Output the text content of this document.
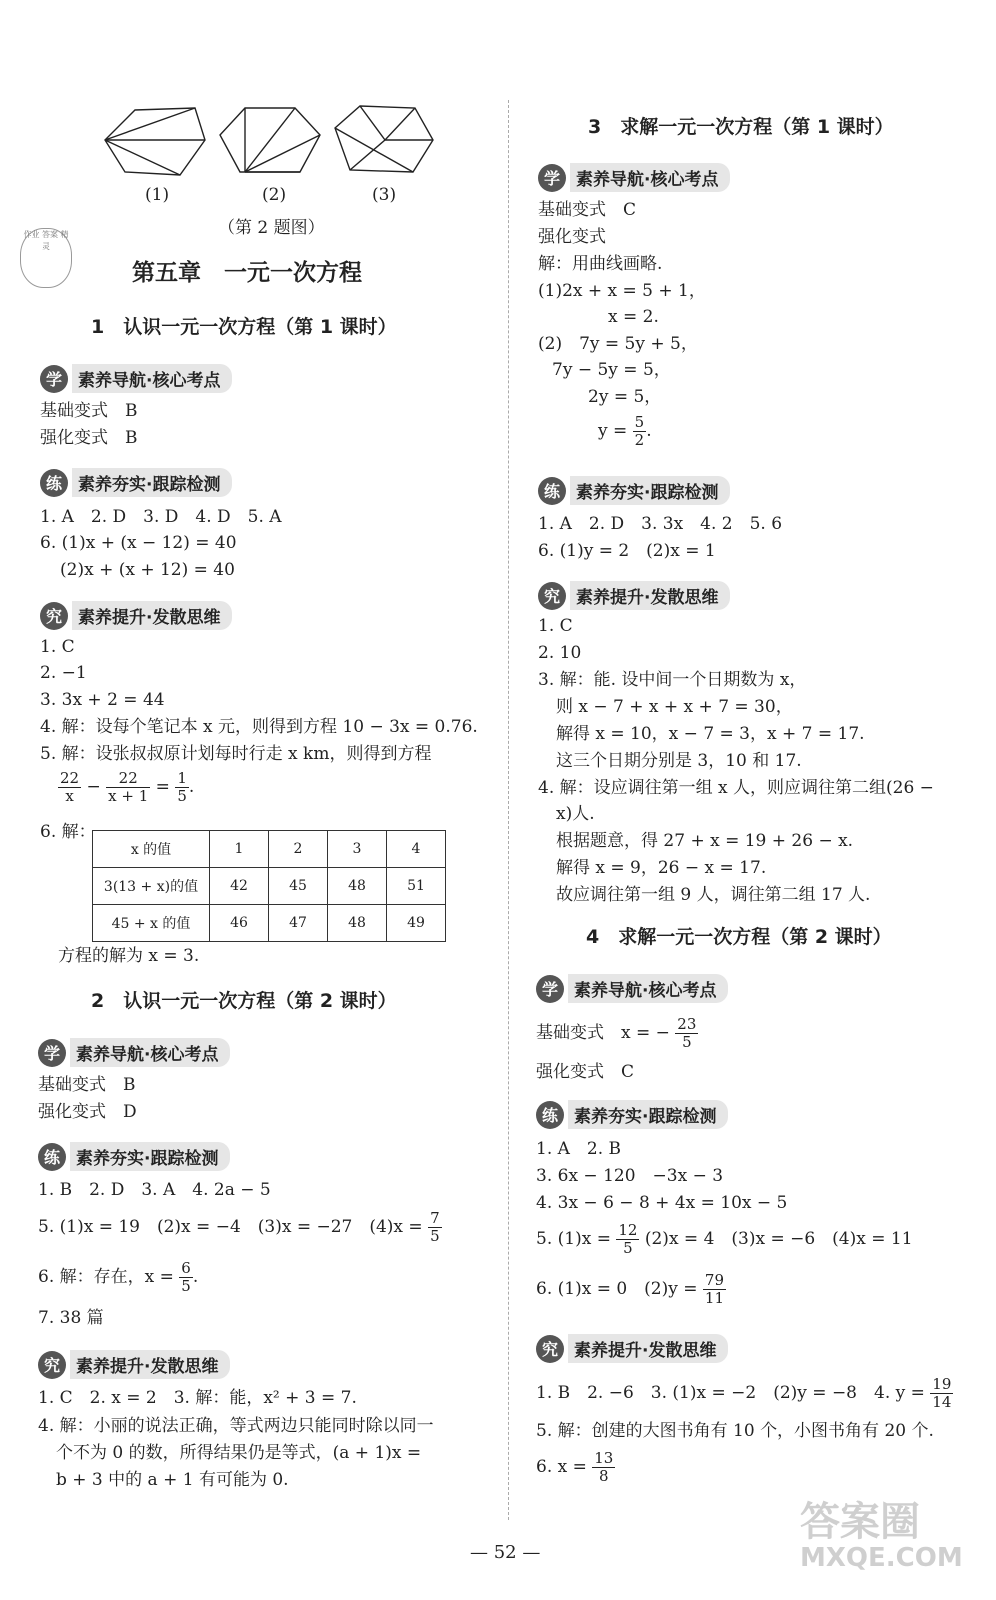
(1)	(2)	(3)
（第 2 题图）
作业 答案 精灵
第五章　一元一次方程
1　认识一元一次方程（第 1 课时）
学 素养导航·核心考点
基础变式　B
强化变式　B
练 素养夯实·跟踪检测
1. A　2. D　3. D　4. D　5. A
6. (1)x + (x − 12) = 40
(2)x + (x + 12) = 40
究 素养提升·发散思维
1. C
2. −1
3. 3x + 2 = 44
4. 解：设每个笔记本 x 元，则得到方程 10 − 3x = 0.76.
5. 解：设张叔叔原计划每时行走 x km，则得到方程
$\frac{22}{x} - \frac{22}{x + 1} = \frac{1}{5}$ .
6. 解：
x 的值	1	2	3	4
3(13 + x)的值	42	45	48	51
45 + x 的值	46	47	48	49
方程的解为 x = 3.
2　认识一元一次方程（第 2 课时）
学 素养导航·核心考点
基础变式　B
强化变式　D
练 素养夯实·跟踪检测
1. B　2. D　3. A　4. 2a − 5
5. (1)x = 19　(2)x = −4　(3)x = −27　$(4)x = \frac{7}{5}$
6. 解：存在，$x = \frac{6}{5}$ .
7. 38 篇
究 素养提升·发散思维
1. C　2. x = 2　3. 解：能，x² + 3 = 7.
4. 解：小丽的说法正确，等式两边只能同时除以同一
个不为 0 的数，所得结果仍是等式，(a + 1)x =
b + 3 中的 a + 1 有可能为 0.
3　求解一元一次方程（第 1 课时）
学 素养导航·核心考点
基础变式　C
强化变式
解：用曲线画略.
(1)2x + x = 5 + 1，
x = 2.
(2)　7y = 5y + 5，
7y − 5y = 5，
2y = 5，
$y = \frac{5}{2}$ .
练 素养夯实·跟踪检测
1. A　2. D　3. 3x　4. 2　5. 6
6. (1)y = 2　(2)x = 1
究 素养提升·发散思维
1. C
2. 10
3. 解：能. 设中间一个日期数为 x，
则 x − 7 + x + x + 7 = 30，
解得 x = 10，x − 7 = 3，x + 7 = 17.
这三个日期分别是 3，10 和 17.
4. 解：设应调往第一组 x 人，则应调往第二组(26 −
x)人.
根据题意，得 27 + x = 19 + 26 − x.
解得 x = 9，26 − x = 17.
故应调往第一组 9 人，调往第二组 17 人.
4　求解一元一次方程（第 2 课时）
学 素养导航·核心考点
基础变式　x = − $\frac{23}{5}$
强化变式　C
练 素养夯实·跟踪检测
1. A　2. B
3. 6x − 120　−3x − 3
4. 3x − 6 − 8 + 4x = 10x − 5
5. $(1)x = \frac{12}{5} (2)x = 4$　(3)x = −6　(4)x = 11
6. (1)x = 0　$(2)y = \frac{79}{11}$
究 素养提升·发散思维
1. B　2. −6　3. (1)x = −2　(2)y = −8　4. $y = \frac{19}{14}$
5. 解：创建的大图书角有 10 个，小图书角有 20 个.
6. $x = \frac{13}{8}$
— 52 —
答案圈
MXQE.COM
